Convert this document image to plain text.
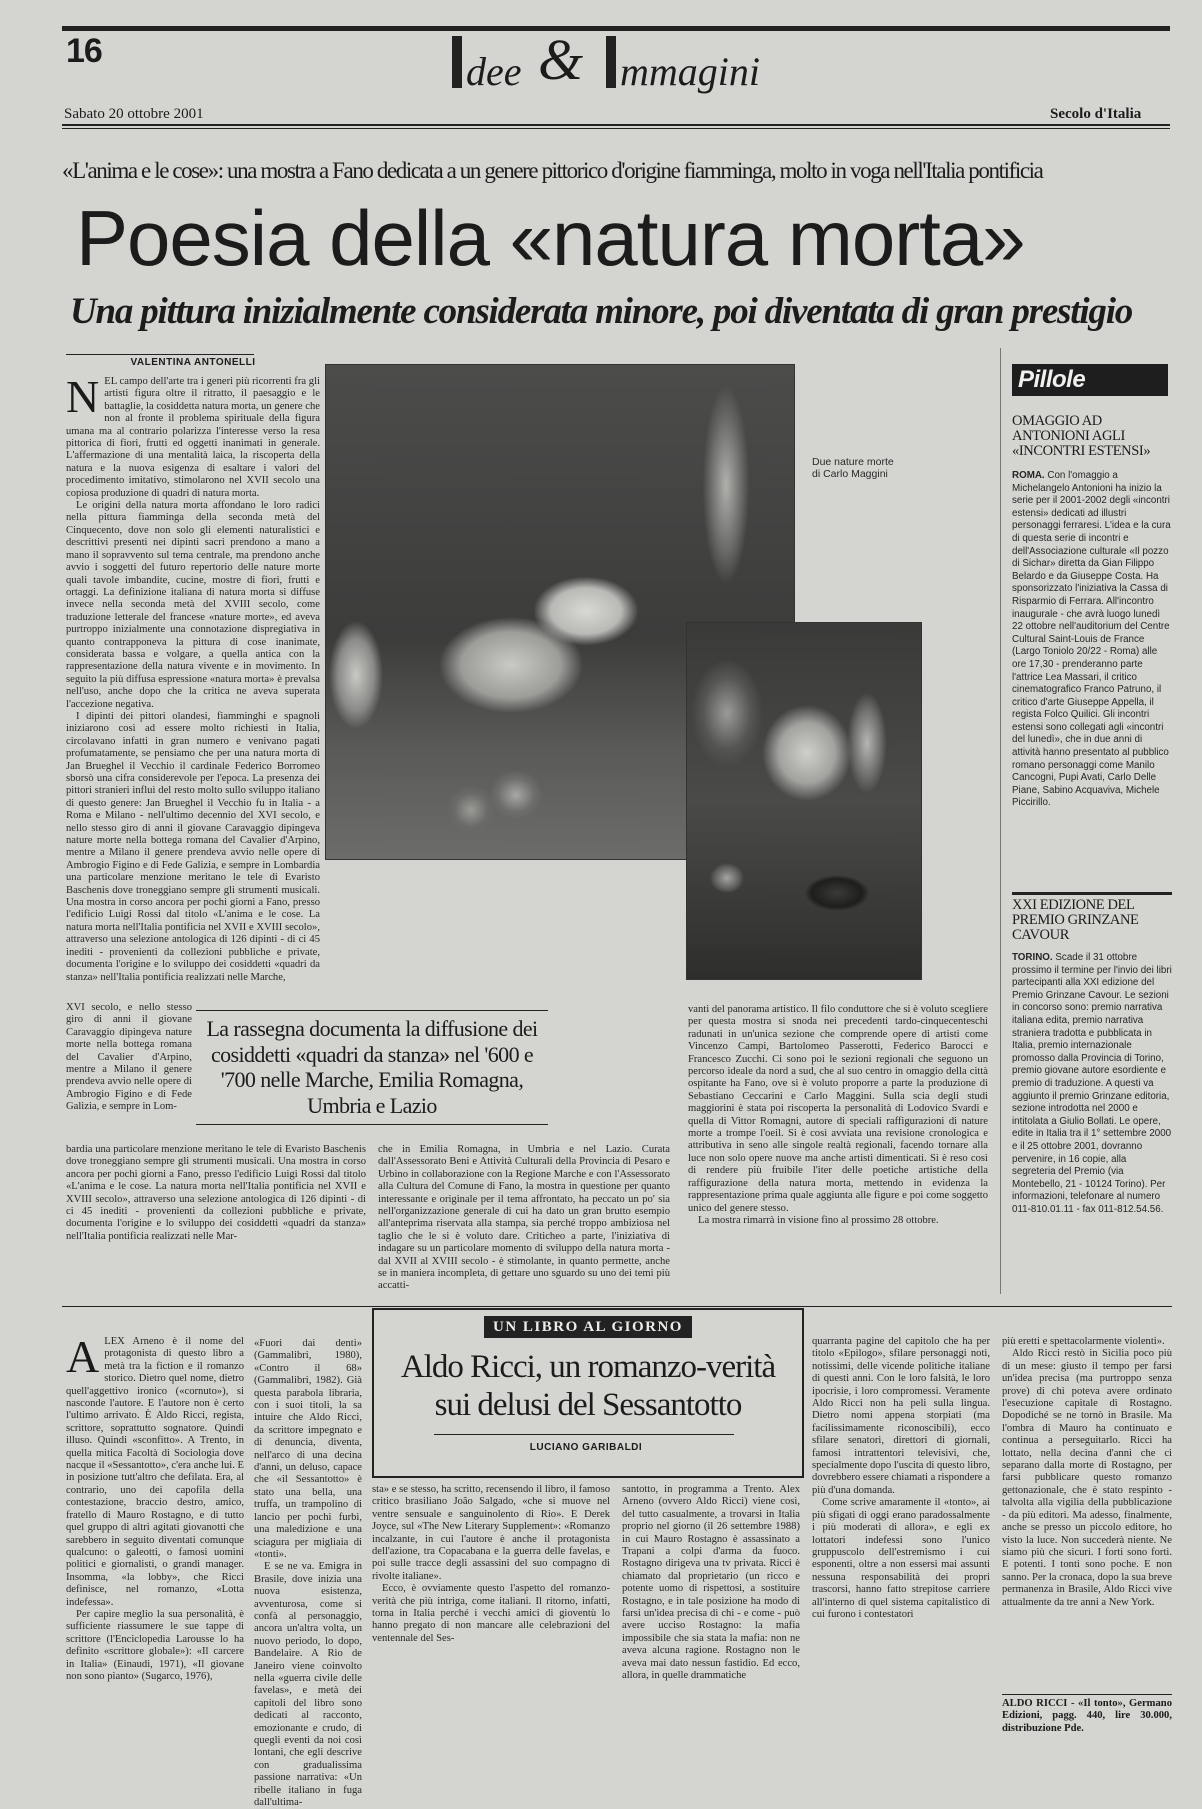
16	dee & mmagini
Sabato 20 ottobre 2001	Secolo d'Italia
«L'anima e le cose»: una mostra a Fano dedicata a un genere pittorico d'origine fiamminga, molto in voga nell'Italia pontificia
Poesia della «natura morta»
Una pittura inizialmente considerata minore, poi diventata di gran prestigio
VALENTINA ANTONELLI
NEL campo dell'arte tra i generi più ricorrenti fra gli artisti figura oltre il ritratto, il paesaggio e le battaglie, la cosiddetta natura morta, un genere che non al fronte il problema spirituale della figura umana ma al contrario polarizza l'interesse verso la resa pittorica di fiori, frutti ed oggetti inanimati in generale. L'affermazione di una mentalità laica, la riscoperta della natura e la nuova esigenza di esaltare i valori del procedimento imitativo, stimolarono nel XVII secolo una copiosa produzione di quadri di natura morta.

Le origini della natura morta affondano le loro radici nella pittura fiamminga della seconda metà del Cinquecento, dove non solo gli elementi naturalistici e descrittivi presenti nei dipinti sacri prendono a mano a mano il sopravvento sul tema centrale, ma prendono anche avvio i soggetti del futuro repertorio delle nature morte quali tavole imbandite, cucine, mostre di fiori, frutti e ortaggi. La definizione italiana di natura morta si diffuse invece nella seconda metà del XVIII secolo, come traduzione letterale del francese «nature morte», ed aveva purtroppo inizialmente una connotazione dispregiativa in quanto contrapponeva la pittura di cose inanimate, considerata bassa e volgare, a quella antica con la rappresentazione della natura vivente e in movimento. In seguito la più diffusa espressione «natura morta» è prevalsa nell'uso, anche dopo che la critica ne aveva superata l'accezione negativa.

I dipinti dei pittori olandesi, fiamminghi e spagnoli iniziarono così ad essere molto richiesti in Italia, circolavano infatti in gran numero e venivano pagati profumatamente, se pensiamo che per una natura morta di Jan Brueghel il Vecchio il cardinale Federico Borromeo sborsò una cifra considerevole per l'epoca. La presenza dei pittori stranieri influì del resto molto sullo sviluppo italiano di questo genere: Jan Brueghel il Vecchio fu in Italia - a Roma e Milano - nell'ultimo decennio del XVI secolo, e nello stesso giro di anni il giovane Caravaggio dipingeva nature morte nella bottega romana del Cavalier d'Arpino, mentre a Milano il genere prendeva avvio nelle opere di Ambrogio Figino e di Fede Galizia, e sempre in Lombardia una particolare menzione meritano le tele di Evaristo Baschenis dove troneggiano sempre gli strumenti musicali. Una mostra in corso ancora per pochi giorni a Fano, presso l'edificio Luigi Rossi dal titolo «L'anima e le cose. La natura morta nell'Italia pontificia nel XVII e XVIII secolo», attraverso una selezione antologica di 126 dipinti - di ci 45 inediti - provenienti da collezioni pubbliche e private, documenta l'origine e lo sviluppo dei cosiddetti «quadri da stanza» nell'Italia pontificia realizzati nelle Marche,

XVI secolo, e nello stesso giro di anni il giovane Caravaggio dipingeva nature morte nella bottega romana del Cavalier d'Arpino, mentre a Milano il genere prendeva avvio nelle opere di Ambrogio Figino e di Fede Galizia, e sempre in Lom-
Due nature morte di Carlo Maggini
La rassegna documenta la diffusione dei cosiddetti «quadri da stanza» nel '600 e '700 nelle Marche, Emilia Romagna, Umbria e Lazio
bardia una particolare menzione meritano le tele di Evaristo Baschenis dove troneggiano sempre gli strumenti musicali. Una mostra in corso ancora per pochi giorni a Fano, presso l'edificio Luigi Rossi dal titolo «L'anima e le cose. La natura morta nell'Italia pontificia nel XVII e XVIII secolo», attraverso una selezione antologica di 126 dipinti - di ci 45 inediti - provenienti da collezioni pubbliche e private, documenta l'origine e lo sviluppo dei cosiddetti «quadri da stanza» nell'Italia pontificia realizzati nelle Mar-
che in Emilia Romagna, in Umbria e nel Lazio. Curata dall'Assessorato Beni e Attività Culturali della Provincia di Pesaro e Urbino in collaborazione con la Regione Marche e con l'Assessorato alla Cultura del Comune di Fano, la mostra in questione per quanto interessante e originale per il tema affrontato, ha peccato un po' sia nell'organizzazione generale di cui ha dato un gran brutto esempio all'anteprima riservata alla stampa, sia perché troppo ambiziosa nel taglio che le si è voluto dare. Criticheo a parte, l'iniziativa di indagare su un particolare momento di sviluppo della natura morta - dal XVII al XVIII secolo - è stimolante, in quanto permette, anche se in maniera incompleta, di gettare uno sguardo su uno dei temi più accatti-
vanti del panorama artistico. Il filo conduttore che si è voluto scegliere per questa mostra si snoda nei precedenti tardo-cinquecenteschi radunati in un'unica sezione che comprende opere di artisti come Vincenzo Campi, Bartolomeo Passerotti, Federico Barocci e Francesco Zucchi. Ci sono poi le sezioni regionali che seguono un percorso ideale da nord a sud, che al suo centro in omaggio della città ospitante ha Fano, ove si è voluto proporre a parte la produzione di Sebastiano Ceccarini e Carlo Maggini. Sulla scia degli studi maggiorini è stata poi riscoperta la personalità di Lodovico Svardi e quella di Vittor Romagni, autore di speciali raffigurazioni di nature morte a trompe l'oeil. Si è così avviata una revisione cronologica e attributiva in seno alle singole realtà regionali, facendo tornare alla luce non solo opere nuove ma anche artisti dimenticati. Si è reso così di rendere più fruibile l'iter delle poetiche artistiche della raffigurazione della natura morta, mettendo in evidenza la rappresentazione prima quale aggiunta alle figure e poi come soggetto unico del genere stesso.

La mostra rimarrà in visione fino al prossimo 28 ottobre.

Pillole
OMAGGIO AD ANTONIONI AGLI «INCONTRI ESTENSI»
ROMA. Con l'omaggio a Michelangelo Antonioni ha inizio la serie per il 2001-2002 degli «incontri estensi» dedicati ad illustri personaggi ferraresi. L'idea e la cura di questa serie di incontri e dell'Associazione culturale «Il pozzo di Sichar» diretta da Gian Filippo Belardo e da Giuseppe Costa. Ha sponsorizzato l'iniziativa la Cassa di Risparmio di Ferrara. All'incontro inaugurale - che avrà luogo lunedì 22 ottobre nell'auditorium del Centre Cultural Saint-Louis de France (Largo Toniolo 20/22 - Roma) alle ore 17,30 - prenderanno parte l'attrice Lea Massari, il critico cinematografico Franco Patruno, il critico d'arte Giuseppe Appella, il regista Folco Quilici. Gli incontri estensi sono collegati agli «incontri del lunedì», che in due anni di attività hanno presentato al pubblico romano personaggi come Manilo Cancogni, Pupi Avati, Carlo Delle Piane, Sabino Acquaviva, Michele Piccirillo.
XXI EDIZIONE DEL PREMIO GRINZANE CAVOUR
TORINO. Scade il 31 ottobre prossimo il termine per l'invio dei libri partecipanti alla XXI edizione del Premio Grinzane Cavour. Le sezioni in concorso sono: premio narrativa italiana edita, premio narrativa straniera tradotta e pubblicata in Italia, premio internazionale promosso dalla Provincia di Torino, premio giovane autore esordiente e premio di traduzione. A questi va aggiunto il premio Grinzane editoria, sezione introdotta nel 2000 e intitolata a Giulio Bollati. Le opere, edite in Italia tra il 1° settembre 2000 e il 25 ottobre 2001, dovranno pervenire, in 16 copie, alla segreteria del Premio (via Montebello, 21 - 10124 Torino). Per informazioni, telefonare al numero 011-810.01.11 - fax 011-812.54.56.
UN LIBRO AL GIORNO
Aldo Ricci, un romanzo-verità sui delusi del Sessantotto
LUCIANO GARIBALDI
ALEX Arneno è il nome del protagonista di questo libro a metà tra la fiction e il romanzo storico. Dietro quel nome, dietro quell'aggettivo ironico («cornuto»), si nasconde l'autore. E l'autore non è certo l'ultimo arrivato. È Aldo Ricci, regista, scrittore, soprattutto sognatore. Quindi illuso. Quindi «sconfitto». A Trento, in quella mitica Facoltà di Sociologia dove nacque il «Sessantotto», c'era anche lui. E in posizione tutt'altro che defilata. Era, al contrario, uno dei capofila della contestazione, braccio destro, amico, fratello di Mauro Rostagno, e di tutto quel gruppo di altri agitati giovanotti che sarebbero in seguito diventati comunque qualcuno: o galeotti, o famosi uomini politici e giornalisti, o grandi manager. Insomma, «la lobby», che Ricci definisce, nel romanzo, «Lotta indefessa».

Per capire meglio la sua personalità, è sufficiente riassumere le sue tappe di scrittore (l'Enciclopedia Larousse lo ha definito «scrittore globale»): «Il carcere in Italia» (Einaudi, 1971), «Il giovane non sono pianto» (Sugarco, 1976),

«Fuori dai denti» (Gammalibri, 1980), «Contro il 68» (Gammalibri, 1982). Già questa parabola libraria, con i suoi titoli, la sa intuire che Aldo Ricci, da scrittore impegnato e di denuncia, diventa, nell'arco di una decina d'anni, un deluso, capace che «il Sessantotto» è stato una bella, una truffa, un trampolino di lancio per pochi furbi, una maledizione e una sciagura per migliaia di «tonti».

E se ne va. Emigra in Brasile, dove inizia una nuova esistenza, avventurosa, come si confà al personaggio, ancora un'altra volta, un nuovo periodo, lo dopo, Bandelaire. A Rio de Janeiro viene coinvolto nella «guerra civile delle favelas», e metà dei capitoli del libro sono dedicati al racconto, emozionante e crudo, di quegli eventi da noi così lontani, che egli descrive con gradualissima passione narrativa: «Un ribelle italiano in fuga dall'ultima-

sta» e se stesso, ha scritto, recensendo il libro, il famoso critico brasiliano João Salgado, «che si muove nel ventre sensuale e sanguinolento di Rio». E Derek Joyce, sul «The New Literary Supplement»: «Romanzo incalzante, in cui l'autore è anche il protagonista dell'azione, tra Copacabana e la guerra delle favelas, e poi sulle tracce degli assassini del suo compagno di rivolte italiane».

Ecco, è ovviamente questo l'aspetto del romanzo-verità che più intriga, come italiani. Il ritorno, infatti, torna in Italia perché i vecchi amici di gioventù lo hanno pregato di non mancare alle celebrazioni del ventennale del Ses-

santotto, in programma a Trento. Alex Arneno (ovvero Aldo Ricci) viene così, del tutto casualmente, a trovarsi in Italia proprio nel giorno (il 26 settembre 1988) in cui Mauro Rostagno è assassinato a Trapani a colpi d'arma da fuoco. Rostagno dirigeva una tv privata. Ricci è chiamato dal proprietario (un ricco e potente uomo di rispettosi, a sostituire Rostagno, e in tale posizione ha modo di farsi un'idea precisa di chi - e come - può avere ucciso Rostagno: la mafia impossibile che sia stata la mafia: non ne aveva alcuna ragione. Rostagno non le aveva mai dato nessun fastidio. Ed ecco, allora, in quelle drammatiche
quarranta pagine del capitolo che ha per titolo «Epilogo», sfilare personaggi noti, notissimi, delle vicende politiche italiane di questi anni. Con le loro falsità, le loro ipocrisie, i loro compromessi. Veramente Aldo Ricci non ha peli sulla lingua. Dietro nomi appena storpiati (ma facilissimamente riconoscibili), ecco sfilare senatori, direttori di giornali, famosi intrattentori televisivi, che, specialmente dopo l'uscita di questo libro, dovrebbero essere chiamati a rispondere a più d'una domanda.

Come scrive amaramente il «tonto», ai più sfigati di oggi erano paradossalmente i più moderati di allora», e egli ex lottatori indefessi sono l'unico gruppuscolo dell'estremismo i cui esponenti, oltre a non essersi mai assunti nessuna responsabilità dei propri trascorsi, hanno fatto strepitose carriere all'interno di quel sistema capitalistico di cui furono i contestatori

più eretti e spettacolarmente violenti».

Aldo Ricci restò in Sicilia poco più di un mese: giusto il tempo per farsi un'idea precisa (ma purtroppo senza prove) di chi poteva avere ordinato l'esecuzione capitale di Rostagno. Dopodiché se ne tornò in Brasile. Ma l'ombra di Mauro ha continuato e continua a perseguitarlo. Ricci ha lottato, nella decina d'anni che ci separano dalla morte di Rostagno, per farsi pubblicare questo romanzo gettonazionale, che è stato respinto - talvolta alla vigilia della pubblicazione - da più editori. Ma adesso, finalmente, anche se presso un piccolo editore, ho visto la luce. Non succederà niente. Ne siamo più che sicuri. I forti sono forti. E potenti. I tonti sono poche. E non sanno. Per la cronaca, dopo la sua breve permanenza in Brasile, Aldo Ricci vive attualmente da tre anni a New York.

ALDO RICCI - «Il tonto», Germano Edizioni, pagg. 440, lire 30.000, distribuzione Pde.
